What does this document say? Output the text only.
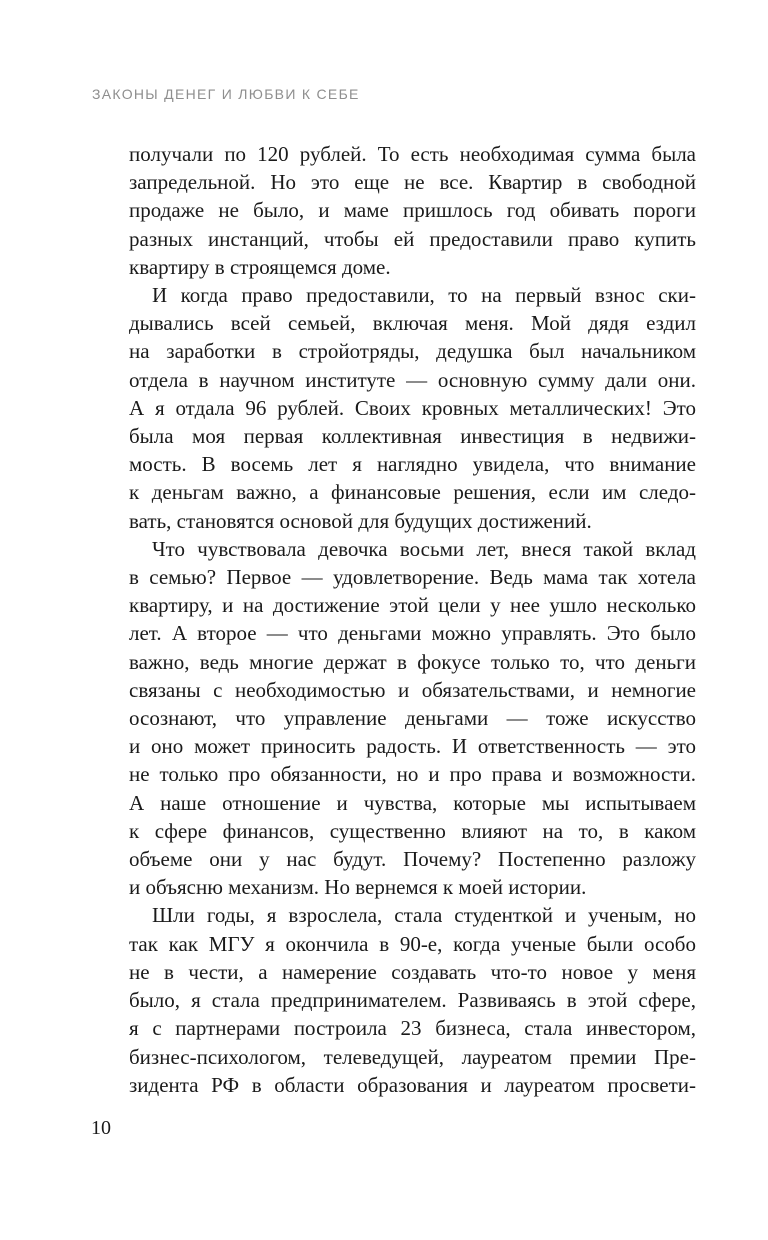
ЗАКОНЫ ДЕНЕГ И ЛЮБВИ К СЕБЕ
получали по 120 рублей. То есть необходимая сумма была
запредельной. Но это еще не все. Квартир в свободной
продаже не было, и маме пришлось год обивать пороги
разных инстанций, чтобы ей предоставили право купить
квартиру в строящемся доме.
И когда право предоставили, то на первый взнос ски-
дывались всей семьей, включая меня. Мой дядя ездил
на заработки в стройотряды, дедушка был начальником
отдела в научном институте — основную сумму дали они.
А я отдала 96 рублей. Своих кровных металлических! Это
была моя первая коллективная инвестиция в недвижи-
мость. В восемь лет я наглядно увидела, что внимание
к деньгам важно, а финансовые решения, если им следо-
вать, становятся основой для будущих достижений.
Что чувствовала девочка восьми лет, внеся такой вклад
в семью? Первое — удовлетворение. Ведь мама так хотела
квартиру, и на достижение этой цели у нее ушло несколько
лет. А второе — что деньгами можно управлять. Это было
важно, ведь многие держат в фокусе только то, что деньги
связаны с необходимостью и обязательствами, и немногие
осознают, что управление деньгами — тоже искусство
и оно может приносить радость. И ответственность — это
не только про обязанности, но и про права и возможности.
А наше отношение и чувства, которые мы испытываем
к сфере финансов, существенно влияют на то, в каком
объеме они у нас будут. Почему? Постепенно разложу
и объясню механизм. Но вернемся к моей истории.
Шли годы, я взрослела, стала студенткой и ученым, но
так как МГУ я окончила в 90-е, когда ученые были особо
не в чести, а намерение создавать что-то новое у меня
было, я стала предпринимателем. Развиваясь в этой сфере,
я с партнерами построила 23 бизнеса, стала инвестором,
бизнес-психологом, телеведущей, лауреатом премии Пре-
зидента РФ в области образования и лауреатом просвети-
10
